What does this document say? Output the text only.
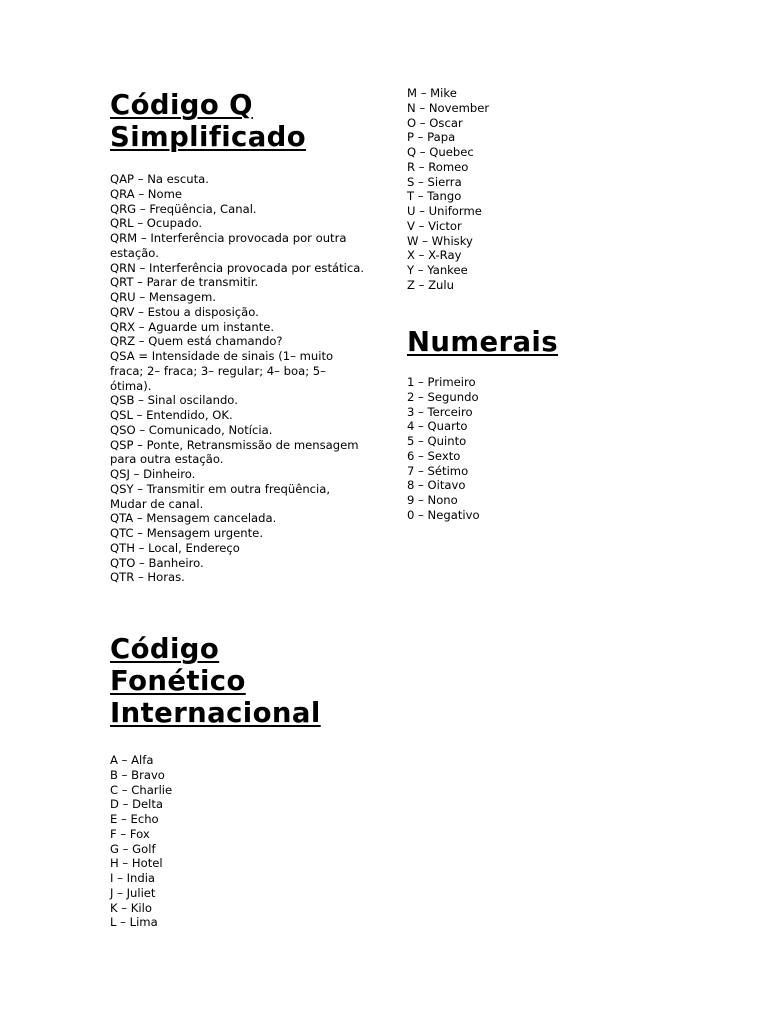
Código Q
Simplificado
QAP – Na escuta.
QRA – Nome
QRG – Freqüência, Canal.
QRL – Ocupado.
QRM – Interferência provocada por outra estação.
QRN – Interferência provocada por estática.
QRT – Parar de transmitir.
QRU – Mensagem.
QRV – Estou a disposição.
QRX – Aguarde um instante.
QRZ – Quem está chamando?
QSA = Intensidade de sinais (1– muito fraca; 2– fraca; 3– regular; 4– boa; 5– ótima).
QSB – Sinal oscilando.
QSL – Entendido, OK.
QSO – Comunicado, Notícia.
QSP – Ponte, Retransmissão de mensagem para outra estação.
QSJ – Dinheiro.
QSY – Transmitir em outra freqüência, Mudar de canal.
QTA – Mensagem cancelada.
QTC – Mensagem urgente.
QTH – Local, Endereço
QTO – Banheiro.
QTR – Horas.
Código
Fonético
Internacional
A – Alfa
B – Bravo
C – Charlie
D – Delta
E – Echo
F – Fox
G – Golf
H – Hotel
I – India
J – Juliet
K – Kilo
L – Lima
M – Mike
N – November
O – Oscar
P – Papa
Q – Quebec
R – Romeo
S – Sierra
T – Tango
U – Uniforme
V – Victor
W – Whisky
X – X-Ray
Y – Yankee
Z – Zulu
Numerais
1 – Primeiro
2 – Segundo
3 – Terceiro
4 – Quarto
5 – Quinto
6 – Sexto
7 – Sétimo
8 – Oitavo
9 – Nono
0 – Negativo
